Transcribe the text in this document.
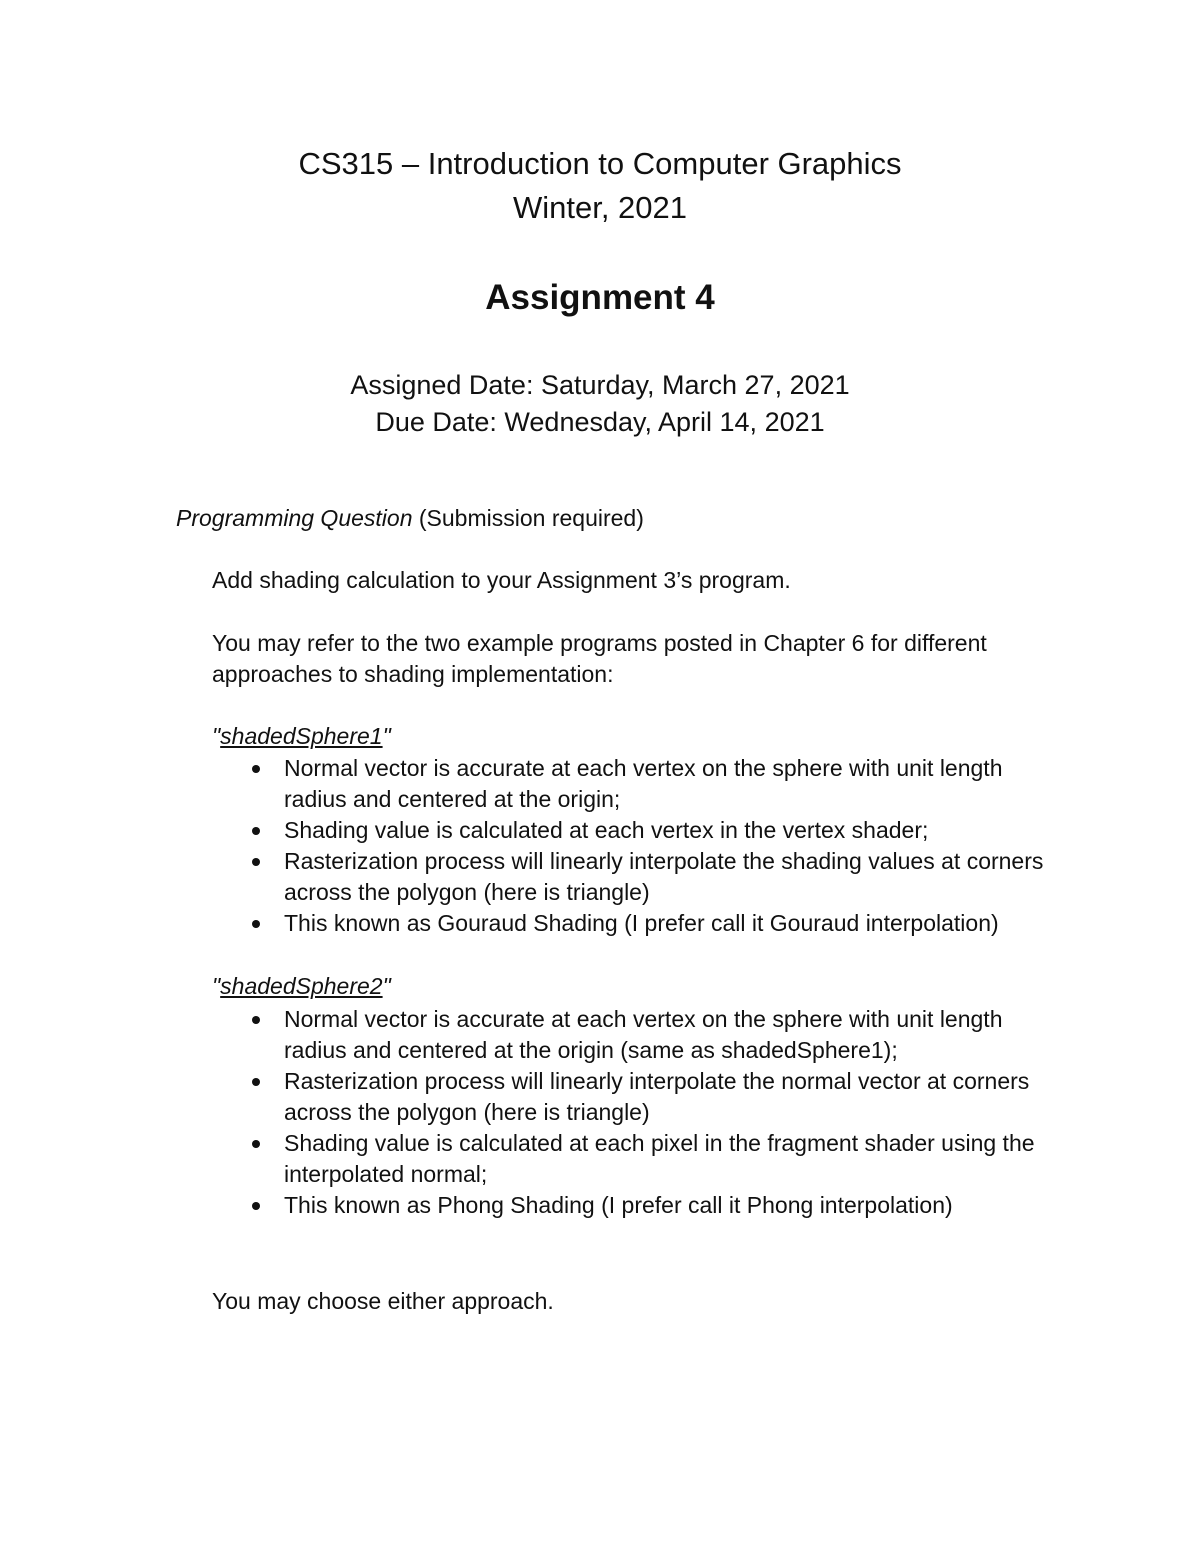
CS315 – Introduction to Computer Graphics
Winter, 2021
Assignment 4
Assigned Date: Saturday, March 27, 2021
Due Date: Wednesday, April 14, 2021
Programming Question (Submission required)
Add shading calculation to your Assignment 3’s program.
You may refer to the two example programs posted in Chapter 6 for different approaches to shading implementation:
"shadedSphere1"
Normal vector is accurate at each vertex on the sphere with unit length radius and centered at the origin;
Shading value is calculated at each vertex in the vertex shader;
Rasterization process will linearly interpolate the shading values at corners across the polygon (here is triangle)
This known as Gouraud Shading (I prefer call it Gouraud interpolation)
"shadedSphere2"
Normal vector is accurate at each vertex on the sphere with unit length radius and centered at the origin (same as shadedSphere1);
Rasterization process will linearly interpolate the normal vector at corners across the polygon (here is triangle)
Shading value is calculated at each pixel in the fragment shader using the interpolated normal;
This known as Phong Shading (I prefer call it Phong interpolation)
You may choose either approach.
